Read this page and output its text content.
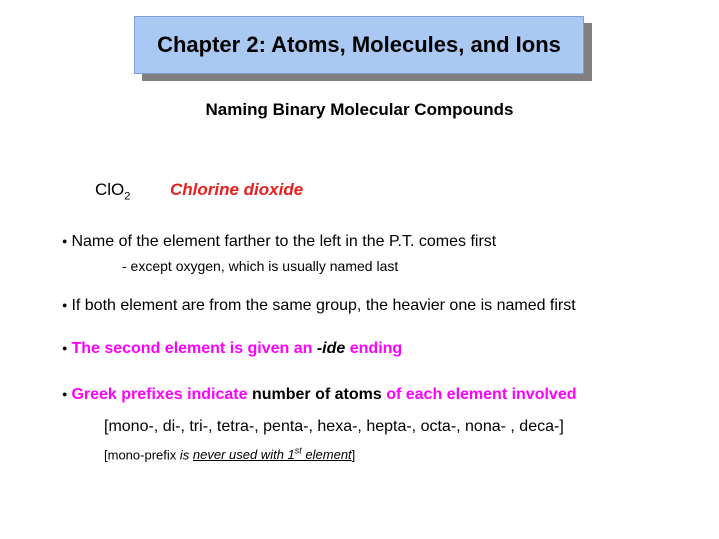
Chapter 2: Atoms, Molecules, and Ions
Naming Binary Molecular Compounds
ClO$_2$ Chlorine dioxide
● Name of the element farther to the left in the P.T. comes first
- except oxygen, which is usually named last
● If both element are from the same group, the heavier one is named first
● The second element is given an -ide ending
● Greek prefixes indicate number of atoms of each element involved
[mono-, di-, tri-, tetra-, penta-, hexa-, hepta-, octa-, nona- , deca-]
[mono-prefix is never used with 1st element]
